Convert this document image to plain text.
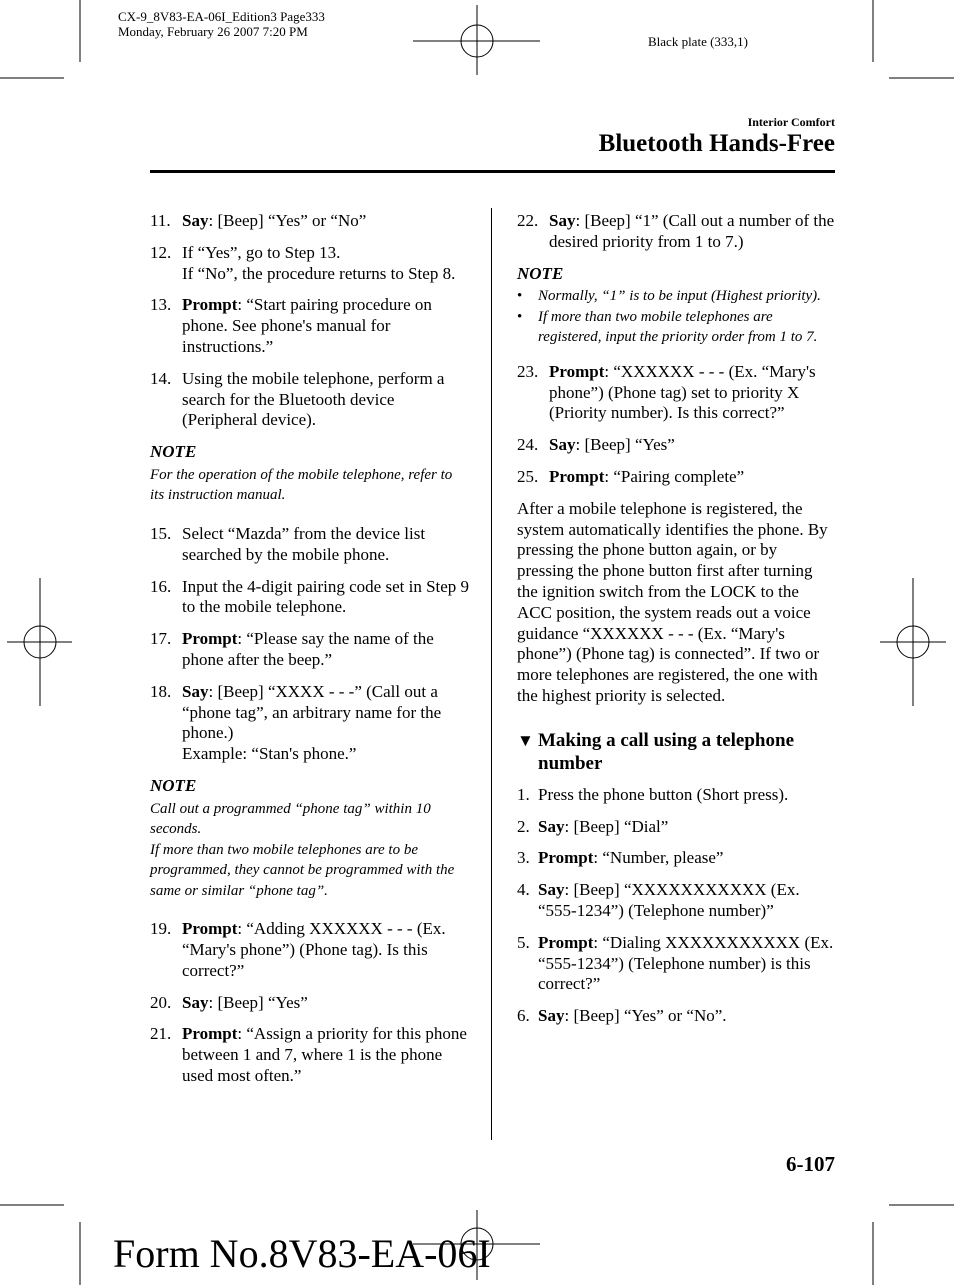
CX-9_8V83-EA-06I_Edition3 Page333
Monday, February 26 2007 7:20 PM
Black plate (333,1)
Interior Comfort
Bluetooth Hands-Free
11. Say: [Beep] “Yes” or “No”
12. If “Yes”, go to Step 13.
If “No”, the procedure returns to Step 8.
13. Prompt: “Start pairing procedure on phone. See phone's manual for instructions.”
14. Using the mobile telephone, perform a search for the Bluetooth device (Peripheral device).
NOTE
For the operation of the mobile telephone, refer to its instruction manual.
15. Select “Mazda” from the device list searched by the mobile phone.
16. Input the 4-digit pairing code set in Step 9 to the mobile telephone.
17. Prompt: “Please say the name of the phone after the beep.”
18. Say: [Beep] “XXXX - - -” (Call out a “phone tag”, an arbitrary name for the phone.)
Example: “Stan's phone.”
NOTE
Call out a programmed “phone tag” within 10 seconds.
If more than two mobile telephones are to be programmed, they cannot be programmed with the same or similar “phone tag”.
19. Prompt: “Adding XXXXXX - - - (Ex. “Mary's phone”) (Phone tag). Is this correct?”
20. Say: [Beep] “Yes”
21. Prompt: “Assign a priority for this phone between 1 and 7, where 1 is the phone used most often.”
22. Say: [Beep] “1” (Call out a number of the desired priority from 1 to 7.)
NOTE
• Normally, “1” is to be input (Highest priority).
• If more than two mobile telephones are registered, input the priority order from 1 to 7.
23. Prompt: “XXXXXX - - - (Ex. “Mary's phone”) (Phone tag) set to priority X (Priority number). Is this correct?”
24. Say: [Beep] “Yes”
25. Prompt: “Pairing complete”
After a mobile telephone is registered, the system automatically identifies the phone. By pressing the phone button again, or by pressing the phone button first after turning the ignition switch from the LOCK to the ACC position, the system reads out a voice guidance “XXXXXX - - - (Ex. “Mary's phone”) (Phone tag) is connected”. If two or more telephones are registered, the one with the highest priority is selected.
▼ Making a call using a telephone number
1. Press the phone button (Short press).
2. Say: [Beep] “Dial”
3. Prompt: “Number, please”
4. Say: [Beep] “XXXXXXXXXXX (Ex. “555-1234”) (Telephone number)”
5. Prompt: “Dialing XXXXXXXXXXX (Ex. “555-1234”) (Telephone number) is this correct?”
6. Say: [Beep] “Yes” or “No”.
6-107
Form No.8V83-EA-06I
